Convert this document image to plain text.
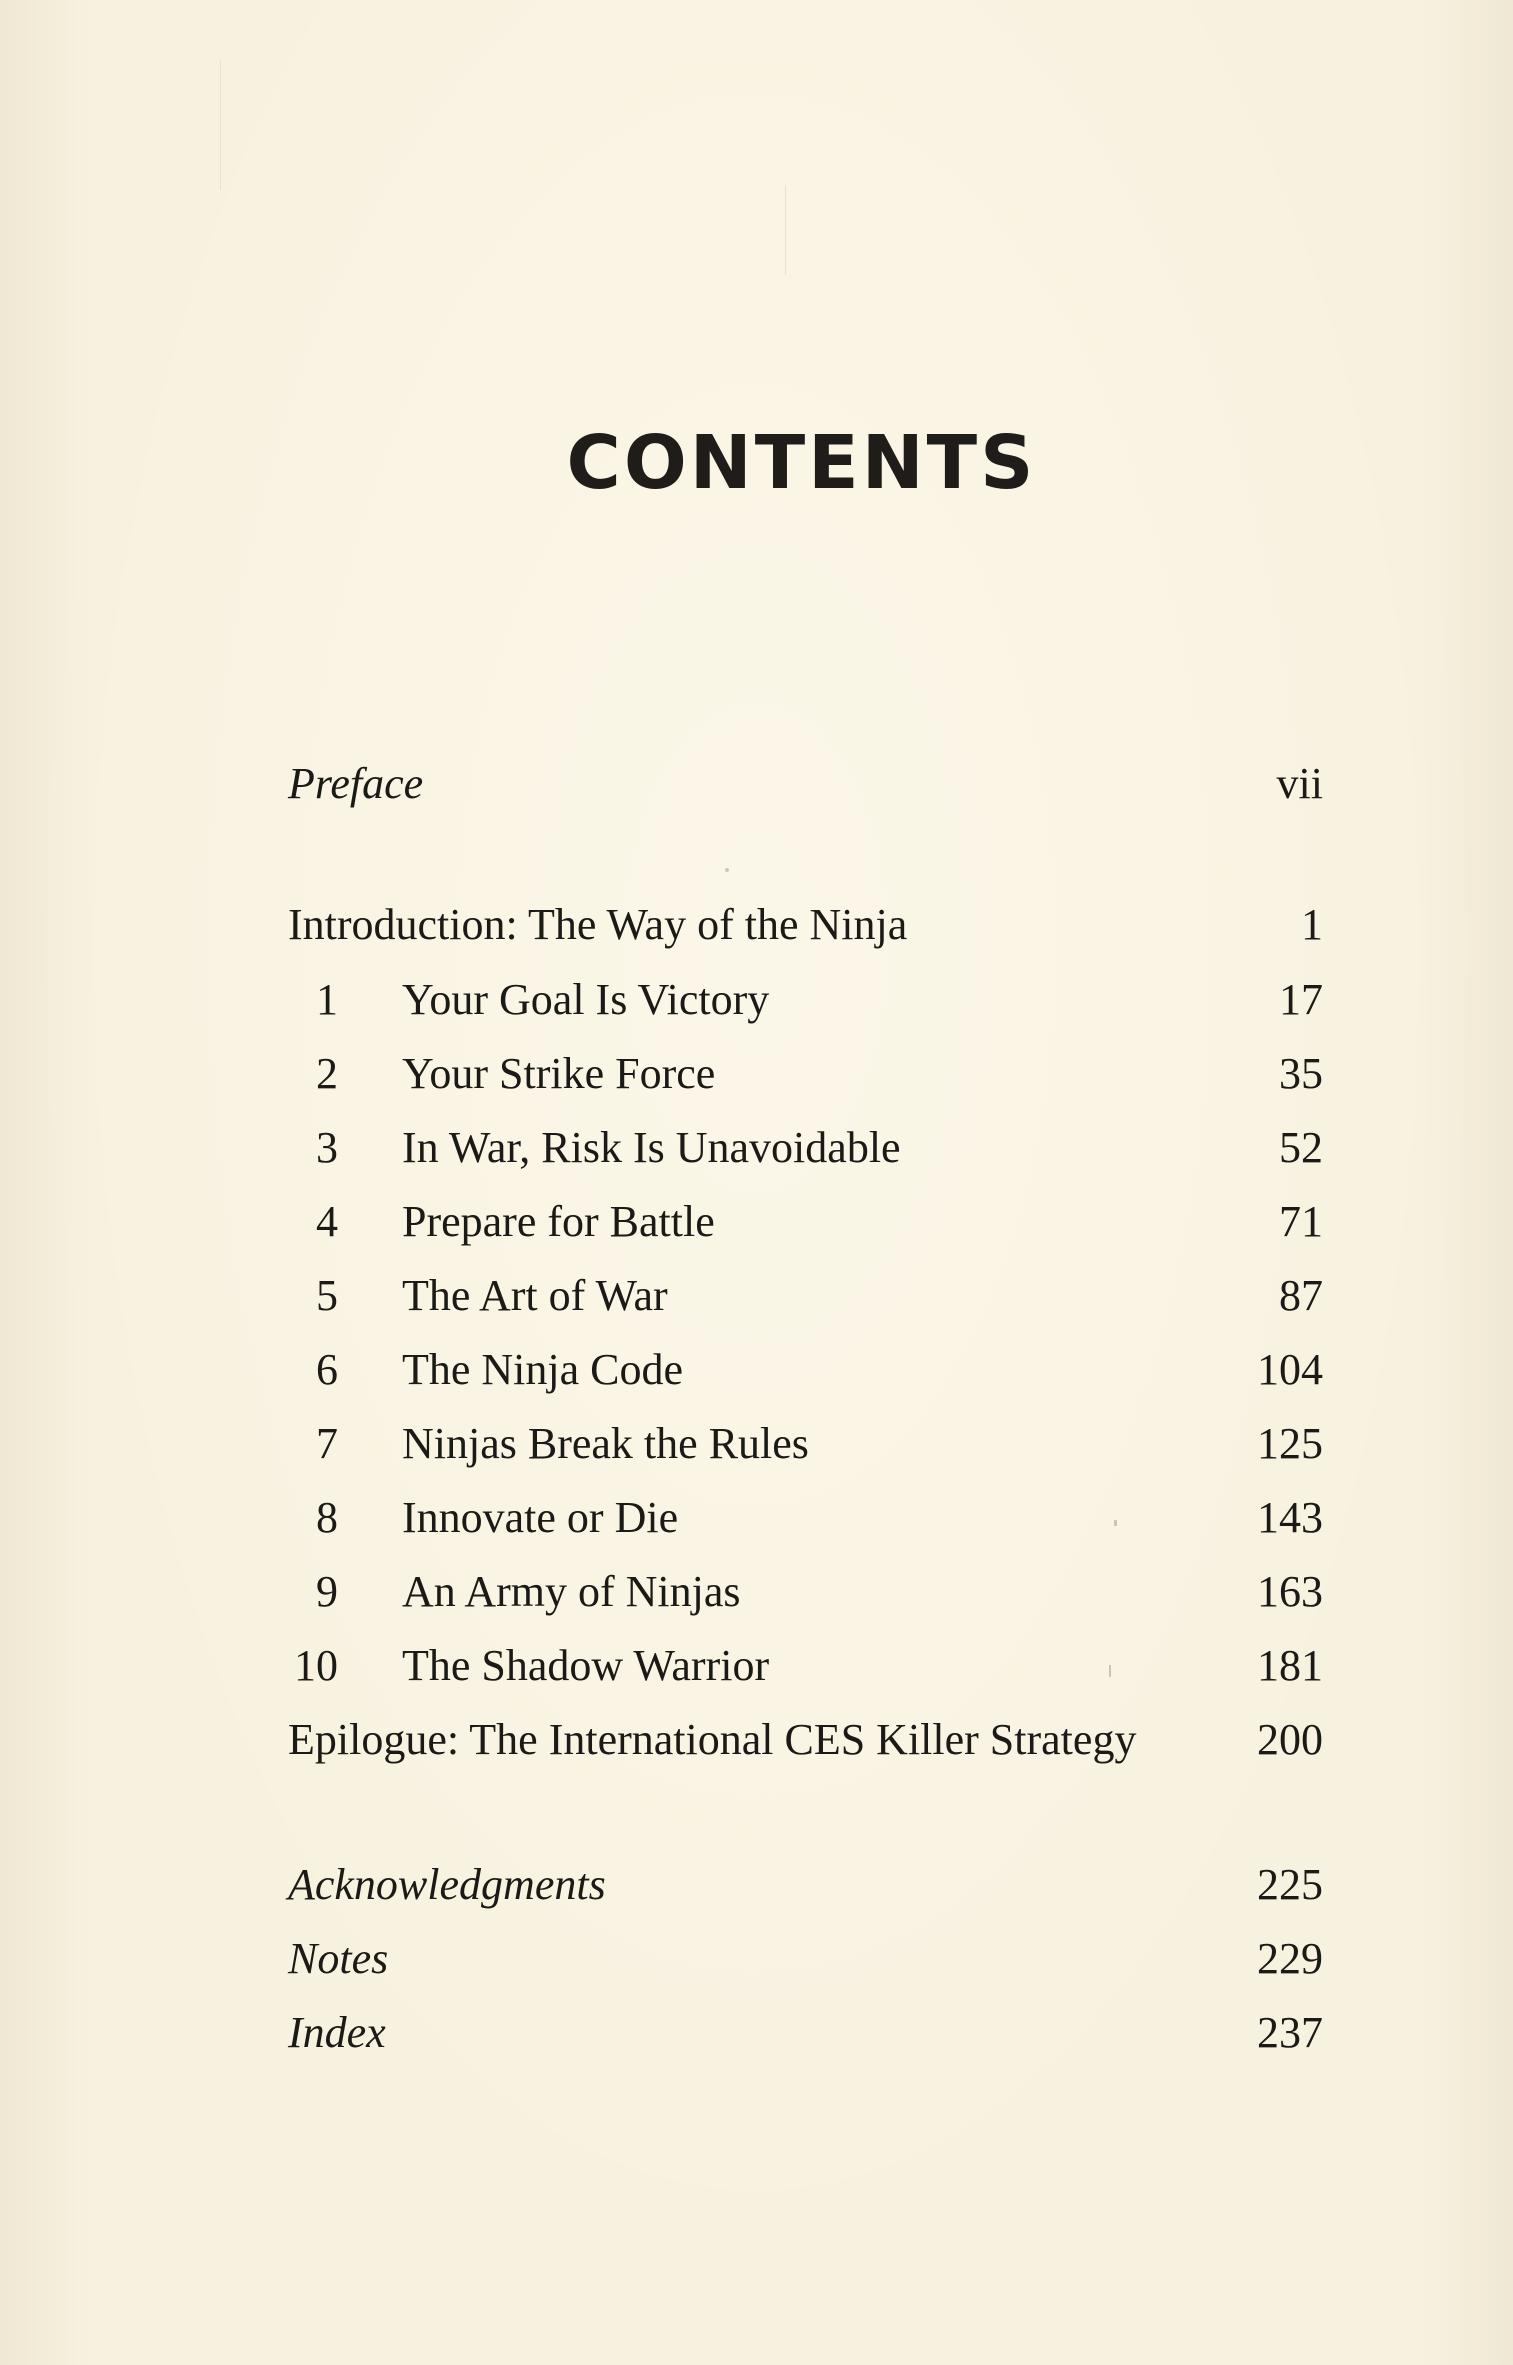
CONTENTS
Preface	vii
Introduction: The Way of the Ninja	1
1 Your Goal Is Victory	17
2 Your Strike Force	35
3 In War, Risk Is Unavoidable	52
4 Prepare for Battle	71
5 The Art of War	87
6 The Ninja Code	104
7 Ninjas Break the Rules	125
8 Innovate or Die	143
9 An Army of Ninjas	163
10 The Shadow Warrior	181
Epilogue: The International CES Killer Strategy	200
Acknowledgments	225
Notes	229
Index	237
